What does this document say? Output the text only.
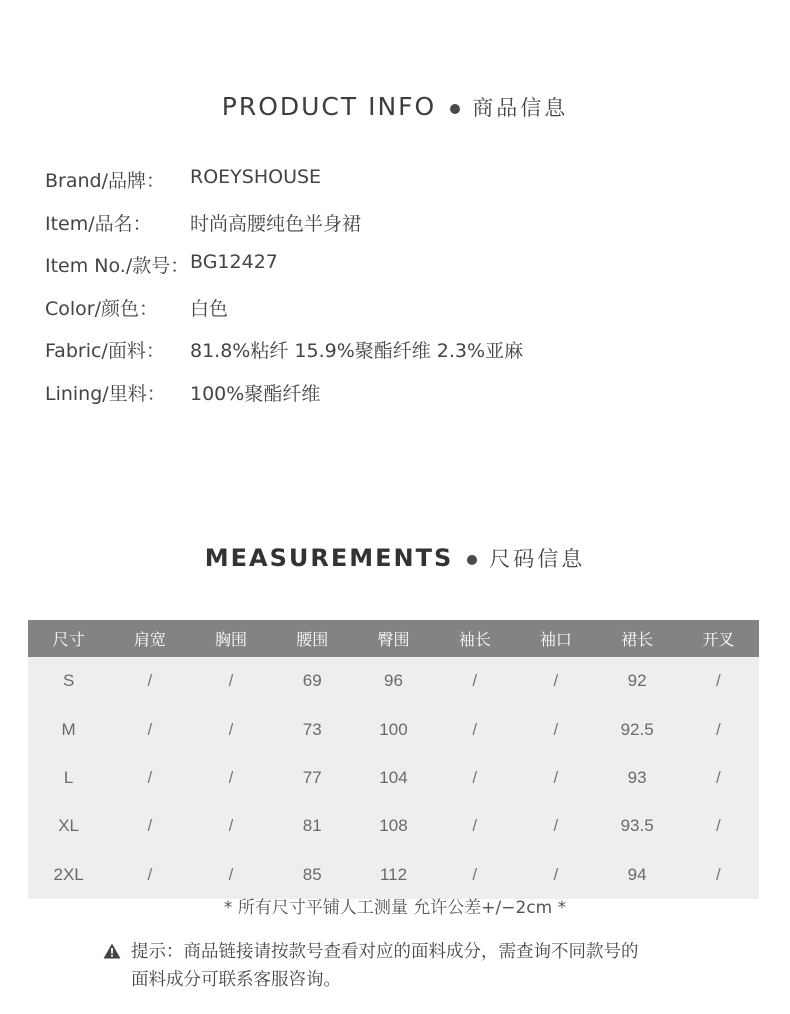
PRODUCT INFO 商品信息
Brand/品牌： ROEYSHOUSE
Item/品名： 时尚高腰纯色半身裙
Item No./款号： BG12427
Color/颜色： 白色
Fabric/面料： 81.8%粘纤 15.9%聚酯纤维 2.3%亚麻
Lining/里料： 100%聚酯纤维
MEASUREMENTS 尺码信息
尺寸	肩宽	胸围	腰围	臀围	袖长	袖口	裙长	开叉
S	/	/	69	96	/	/	92	/
M	/	/	73	100	/	/	92.5	/
L	/	/	77	104	/	/	93	/
XL	/	/	81	108	/	/	93.5	/
2XL	/	/	85	112	/	/	94	/
* 所有尺寸平铺人工测量 允许公差+/−2cm *
提示：商品链接请按款号查看对应的面料成分，需查询不同款号的
面料成分可联系客服咨询。
